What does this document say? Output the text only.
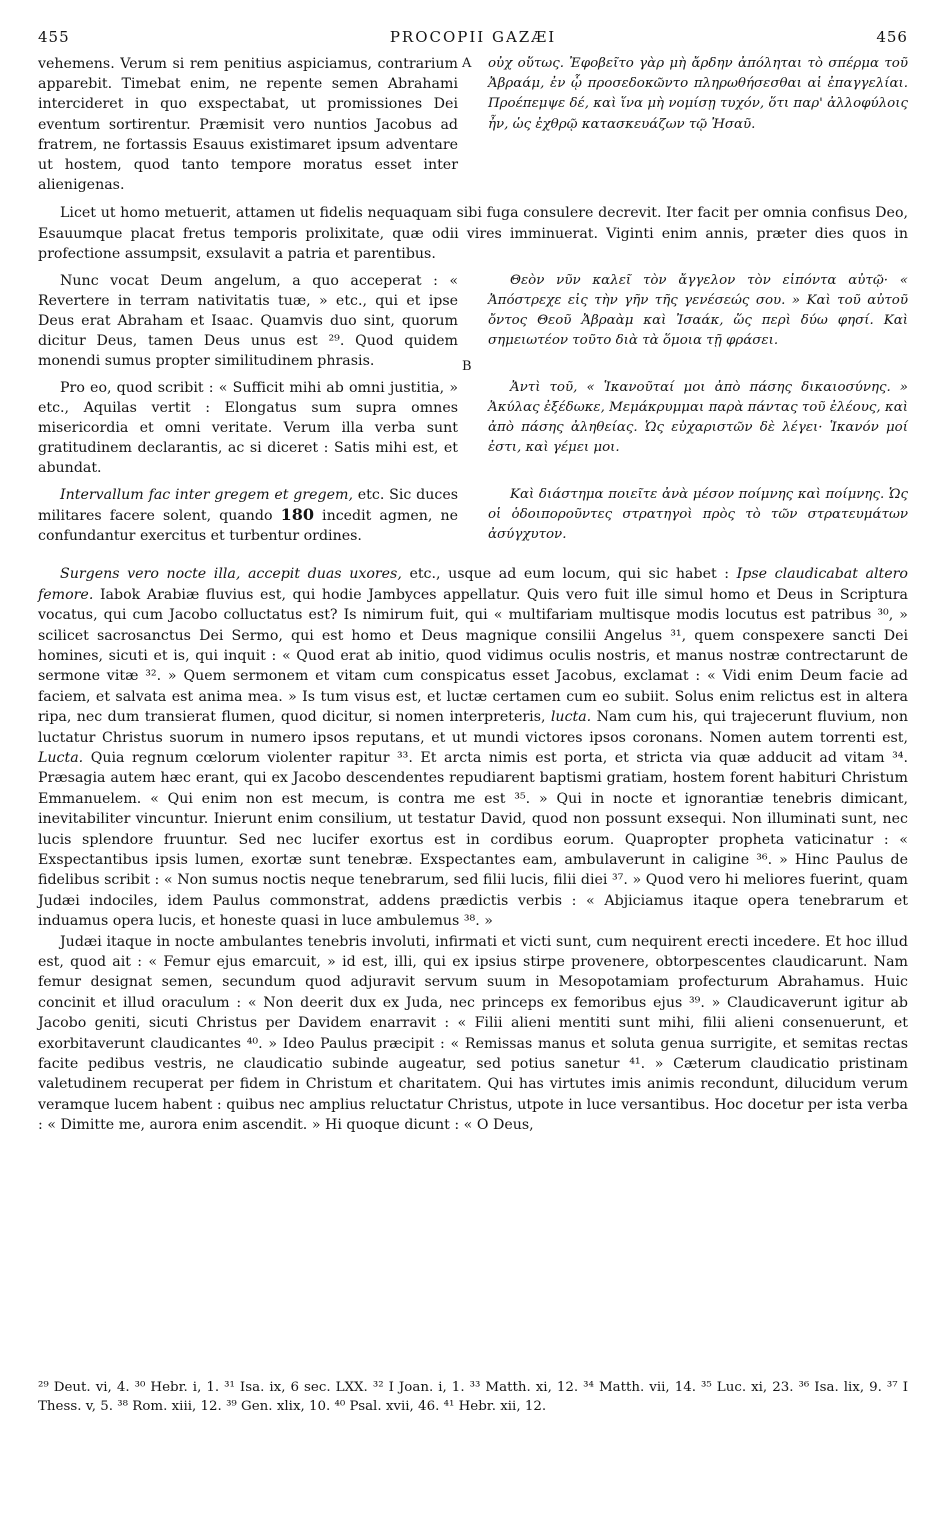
455	PROCOPII GAZÆI	456

vehemens. Verum si rem penitius aspiciamus, contrarium apparebit. Timebat enim, ne repente semen Abrahami intercideret in quo exspectabat, ut promissiones Dei eventum sortirentur. Præmisit vero nuntios Jacobus ad fratrem, ne fortassis Esauus existimaret ipsum adventare ut hostem, quod tanto tempore moratus esset inter alienigenas.

A οὐχ οὕτως. Ἐφοβεῖτο γὰρ μὴ ἄρδην ἀπόληται τὸ σπέρμα τοῦ Ἀβραάμ, ἐν ᾧ προσεδοκῶντο πληρωθήσεσθαι αἱ ἐπαγγελίαι. Προέπεμψε δέ, καὶ ἵνα μὴ νομίσῃ τυχόν, ὅτι παρ' ἀλλοφύλοις ἦν, ὡς ἐχθρῷ κατασκευάζων τῷ Ἠσαῦ.

Licet ut homo metuerit, attamen ut fidelis nequaquam sibi fuga consulere decrevit. Iter facit per omnia confisus Deo, Esauumque placat fretus temporis prolixitate, quæ odii vires imminuerat. Viginti enim annis, præter dies quos in profectione assumpsit, exsulavit a patria et parentibus.

Nunc vocat Deum angelum, a quo acceperat : « Revertere in terram nativitatis tuæ, » etc., qui et ipse Deus erat Abraham et Isaac. Quamvis duo sint, quorum dicitur Deus, tamen Deus unus est ²⁹. Quod quidem monendi sumus propter similitudinem phrasis.	B

Θεὸν νῦν καλεῖ τὸν ἄγγελον τὸν εἰπόντα αὐτῷ· « Ἀπόστρεχε εἰς τὴν γῆν τῆς γενέσεώς σου. » Καὶ τοῦ αὐτοῦ ὄντος Θεοῦ Ἀβραὰμ καὶ Ἰσαάκ, ὥς περὶ δύω φησί. Καὶ σημειωτέον τοῦτο διὰ τὰ ὅμοια τῇ φράσει.

Pro eo, quod scribit : « Sufficit mihi ab omni justitia, » etc., Aquilas vertit : Elongatus sum supra omnes misericordia et omni veritate. Verum illa verba sunt gratitudinem declarantis, ac si diceret : Satis mihi est, et abundat.

Ἀντὶ τοῦ, « Ἱκανοῦταί μοι ἀπὸ πάσης δικαιοσύνης. » Ἀκύλας ἐξέδωκε, Μεμάκρυμμαι παρὰ πάντας τοῦ ἐλέους, καὶ ἀπὸ πάσης ἀληθείας. Ὡς εὐχαριστῶν δὲ λέγει· Ἱκανόν μοί ἐστι, καὶ γέμει μοι.

Intervallum fac inter gregem et gregem, etc. Sic duces militares facere solent, quando 180 incedit agmen, ne confundantur exercitus et turbentur ordines.

Καὶ διάστημα ποιεῖτε ἀνὰ μέσον ποίμνης καὶ ποίμνης. Ὡς οἱ ὁδοιποροῦντες στρατηγοὶ πρὸς τὸ τῶν στρατευμάτων ἀσύγχυτον.

Surgens vero nocte illa, accepit duas uxores, etc., usque ad eum locum, qui sic habet : Ipse claudicabat altero femore. Iabok Arabiæ fluvius est, qui hodie Jambyces appellatur. Quis vero fuit ille simul homo et Deus in Scriptura vocatus, qui cum Jacobo colluctatus est? Is nimirum fuit, qui « multifariam multisque modis locutus est patribus ³⁰, » scilicet sacrosanctus Dei Sermo, qui est homo et Deus magnique consilii Angelus ³¹, quem conspexere sancti Dei homines, sicuti et is, qui inquit : « Quod erat ab initio, quod vidimus oculis nostris, et manus nostræ contrectarunt de sermone vitæ ³². » Quem sermonem et vitam cum conspicatus esset Jacobus, exclamat : « Vidi enim Deum facie ad faciem, et salvata est anima mea. » Is tum visus est, et luctæ certamen cum eo subiit. Solus enim relictus est in altera ripa, nec dum transierat flumen, quod dicitur, si nomen interpreteris, lucta. Nam cum his, qui trajecerunt fluvium, non luctatur Christus suorum in numero ipsos reputans, et ut mundi victores ipsos coronans. Nomen autem torrenti est, Lucta. Quia regnum cœlorum violenter rapitur ³³. Et arcta nimis est porta, et stricta via quæ adducit ad vitam ³⁴. Præsagia autem hæc erant, qui ex Jacobo descendentes repudiarent baptismi gratiam, hostem forent habituri Christum Emmanuelem. « Qui enim non est mecum, is contra me est ³⁵. » Qui in nocte et ignorantiæ tenebris dimicant, inevitabiliter vincuntur. Inierunt enim consilium, ut testatur David, quod non possunt exsequi. Non illuminati sunt, nec lucis splendore fruuntur. Sed nec lucifer exortus est in cordibus eorum. Quapropter propheta vaticinatur : « Exspectantibus ipsis lumen, exortæ sunt tenebræ. Exspectantes eam, ambulaverunt in caligine ³⁶. » Hinc Paulus de fidelibus scribit : « Non sumus noctis neque tenebrarum, sed filii lucis, filii diei ³⁷. » Quod vero hi meliores fuerint, quam Judæi indociles, idem Paulus commonstrat, addens prædictis verbis : « Abjiciamus itaque opera tenebrarum et induamus opera lucis, et honeste quasi in luce ambulemus ³⁸. »
Judæi itaque in nocte ambulantes tenebris involuti, infirmati et victi sunt, cum nequirent erecti incedere. Et hoc illud est, quod ait : « Femur ejus emarcuit, » id est, illi, qui ex ipsius stirpe provenere, obtorpescentes claudicarunt. Nam femur designat semen, secundum quod adjuravit servum suum in Mesopotamiam profecturum Abrahamus. Huic concinit et illud oraculum : « Non deerit dux ex Juda, nec princeps ex femoribus ejus ³⁹. » Claudicaverunt igitur ab Jacobo geniti, sicuti Christus per Davidem enarravit : « Filii alieni mentiti sunt mihi, filii alieni consenuerunt, et exorbitaverunt claudicantes ⁴⁰. » Ideo Paulus præcipit : « Remissas manus et soluta genua surrigite, et semitas rectas facite pedibus vestris, ne claudicatio subinde augeatur, sed potius sanetur ⁴¹. » Cæterum claudicatio pristinam valetudinem recuperat per fidem in Christum et charitatem. Qui has virtutes imis animis recondunt, dilucidum verum veramque lucem habent : quibus nec amplius reluctatur Christus, utpote in luce versantibus. Hoc docetur per ista verba : « Dimitte me, aurora enim ascendit. » Hi quoque dicunt : « O Deus,
²⁹ Deut. vi, 4. ³⁰ Hebr. i, 1. ³¹ Isa. ix, 6 sec. LXX. ³² I Joan. i, 1. ³³ Matth. xi, 12. ³⁴ Matth. vii, 14. ³⁵ Luc. xi, 23. ³⁶ Isa. lix, 9. ³⁷ I Thess. v, 5. ³⁸ Rom. xiii, 12. ³⁹ Gen. xlix, 10. ⁴⁰ Psal. xvii, 46. ⁴¹ Hebr. xii, 12.
